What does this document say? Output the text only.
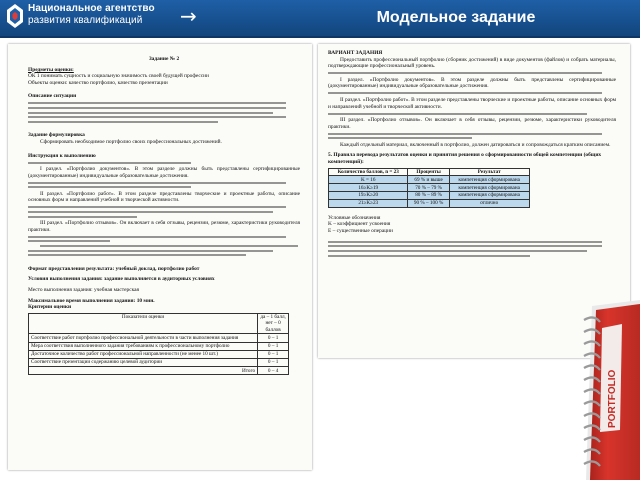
Национальное агентство
развития квалификаций	→	Модельное задание
Задание № 2
Предметы оценки:
ОК 1 понимать сущность и социальную значимость своей будущей профессии
Объекты оценки: качество портфолио, качество презентации
Описание ситуации
Задание формулировка
Сформировать необходимое портфолио своих профессиональных достижений.
Инструкция к выполнению
I раздел. «Портфолио документов». В этом разделе должны быть представлены сертифицированные (документированные) индивидуальные образовательные достижения.
II раздел. «Портфолио работ». В этом разделе представлены творческие и проектные работы, описание основных форм и направлений учебной и творческой активности.
III раздел. «Портфолио отзывов». Он включает в себя отзывы, рецензии, резюме, характеристики руководителя практики.
Формат представления результата: учебный доклад, портфолио работ
Условия выполнения задания: задание выполняется в аудиторных условиях
Место выполнения задания: учебная мастерская
Максимальное время выполнения задания: 10 мин.
Критерии оценки
Показатели оценки	да – 1 балл, нет – 0 баллов
Соответствие работ портфолио профессиональной деятельности в части выполнения задания	0 – 1
Мера соответствия выполненного задания требованиям к профессиональному портфолио	0 – 1
Достаточное количество работ профессиональной направленности (не менее 10 шт.)	0 – 1
Соответствие презентации содержанию целевой аудитории	0 – 1
Итого	0 – 4
ВАРИАНТ ЗАДАНИЯ
Предоставить профессиональный портфолио (сборник достижений) в виде документов (файлов) и собрать материалы, подтверждающие профессиональный уровень.
I раздел. «Портфолио документов». В этом разделе должны быть представлены сертифицированные (документированные) индивидуальные образовательные достижения.
II раздел. «Портфолио работ». В этом разделе представлены творческие и проектные работы, описание основных форм и направлений учебной и творческой активности.
III раздел. «Портфолио отзывов». Он включает в себя отзывы, рецензии, резюме, характеристики руководителя практики.
Каждый отдельный материал, включенный в портфолио, должен датироваться и сопровождаться кратким описанием.
5. Правила перевода результатов оценки и принятия решения о сформированности общей компетенции (общих компетенций):
Количество баллов, n = 23	Проценты	Результат
K = 16	69 % и выше	компетенция сформирована
16≥K≥19	70 % – 79 %	компетенция сформирована
19≥K≥20	80 % – 89 %	компетенция сформирована
21≥K≥23	90 % – 100 %	отлично
Условные обозначения
K – коэффициент усвоения
Е – существенные операции
PORTFOLIO
